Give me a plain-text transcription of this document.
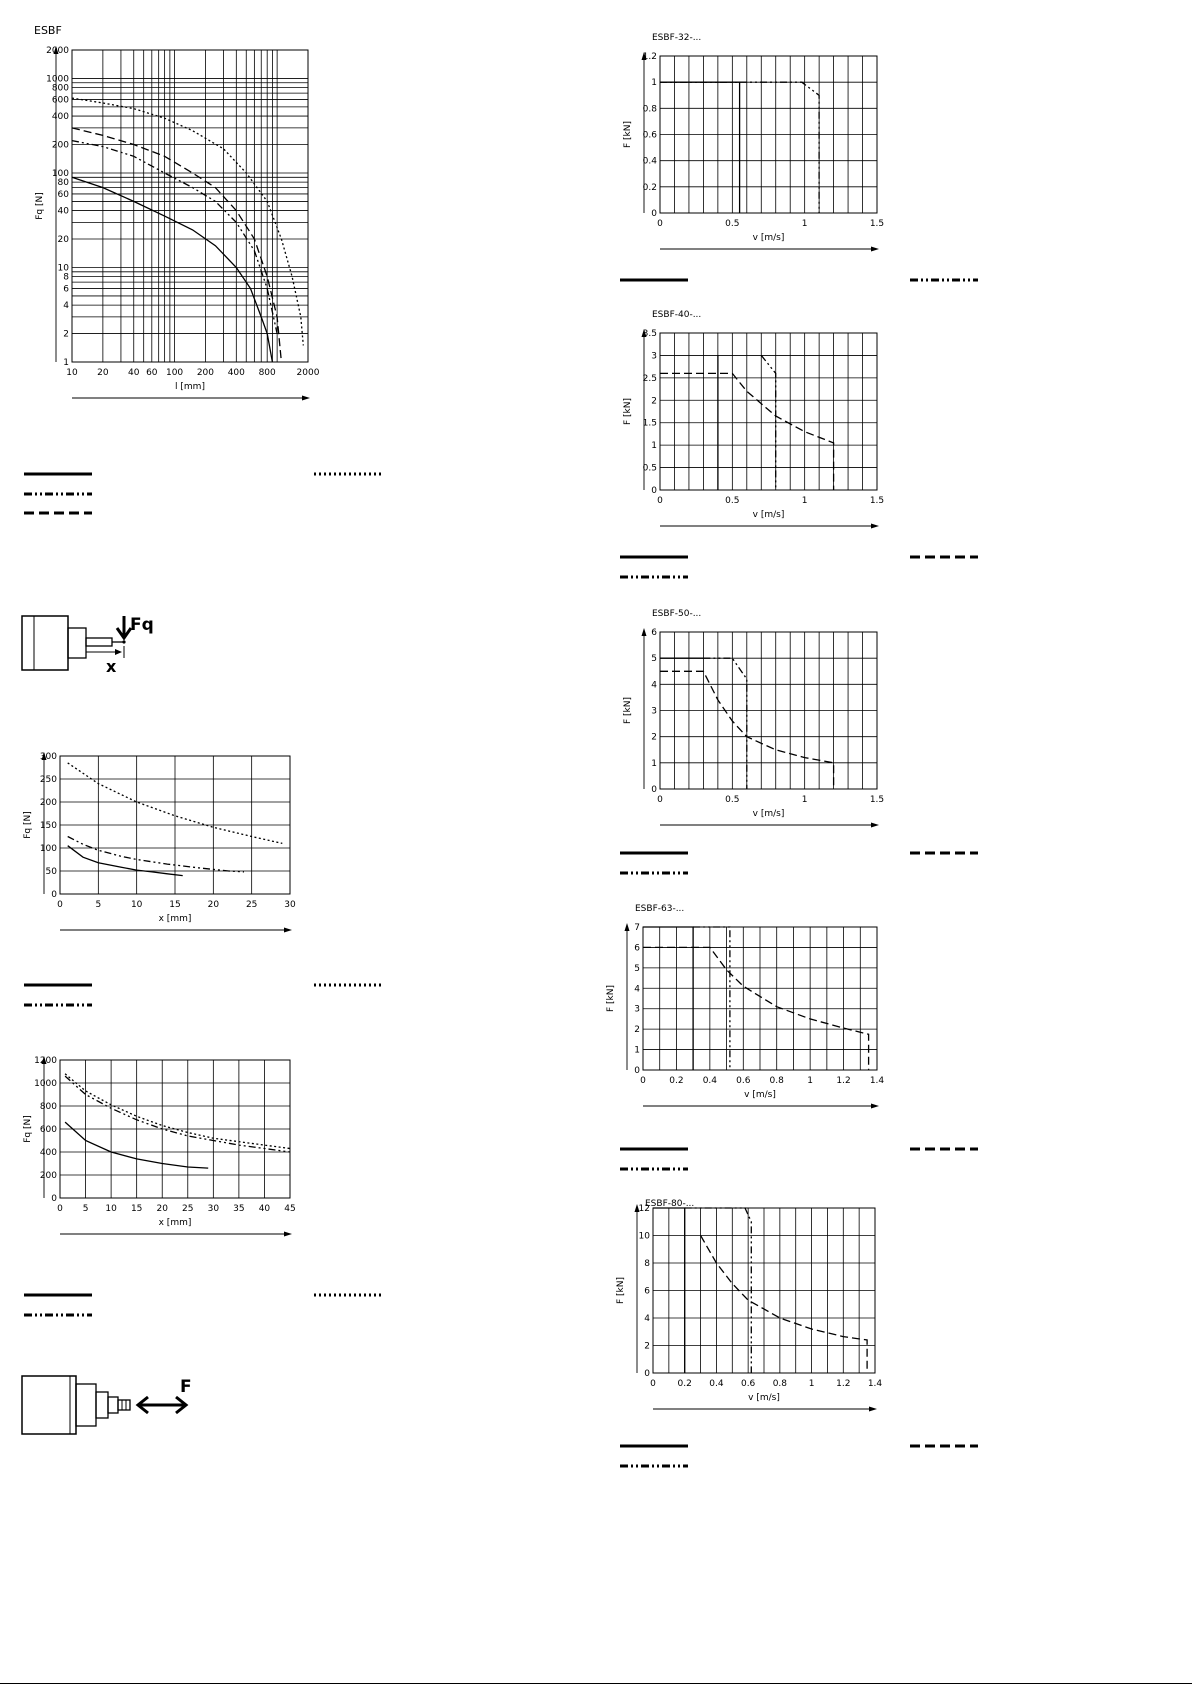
ESBF
10 20 40 60 100 200 400 800 2000
1
2
4
6
8
10
20
40
60
80
100
200
400
600
800
1000
2000
l [mm]
Fq [N]
0	5	10	15	20	25	30
0
50
100
150
200
250
300
x [mm]
Fq [N]
0 5 10 15 20 25 30 35 40 45
0
200
400
600
800
1000
1200
x [mm]
Fq [N]
ESBF-32-...
0	0.5	1	1.5
0
0.2
0.4
0.6
0.8
1
1.2
v [m/s]
F [kN]
ESBF-40-...
0	0.5	1	1.5
0
0.5
1
1.5
2
2.5
3
3.5
v [m/s]
F [kN]
ESBF-50-...
0	0.5	1	1.5
0
1
2
3
4
5
6
v [m/s]
F [kN]
ESBF-63-...
0	0.2 0.4 0.6 0.8	1	1.2 1.4
0
1
2
3
4
5
6
7
v [m/s]
F [kN]
ESBF-80-...
0 0.2 0.4 0.6 0.8 1 1.2 1.4
0
2
4
6
8
10
12
v [m/s]
F [kN]
Fq
x
F
